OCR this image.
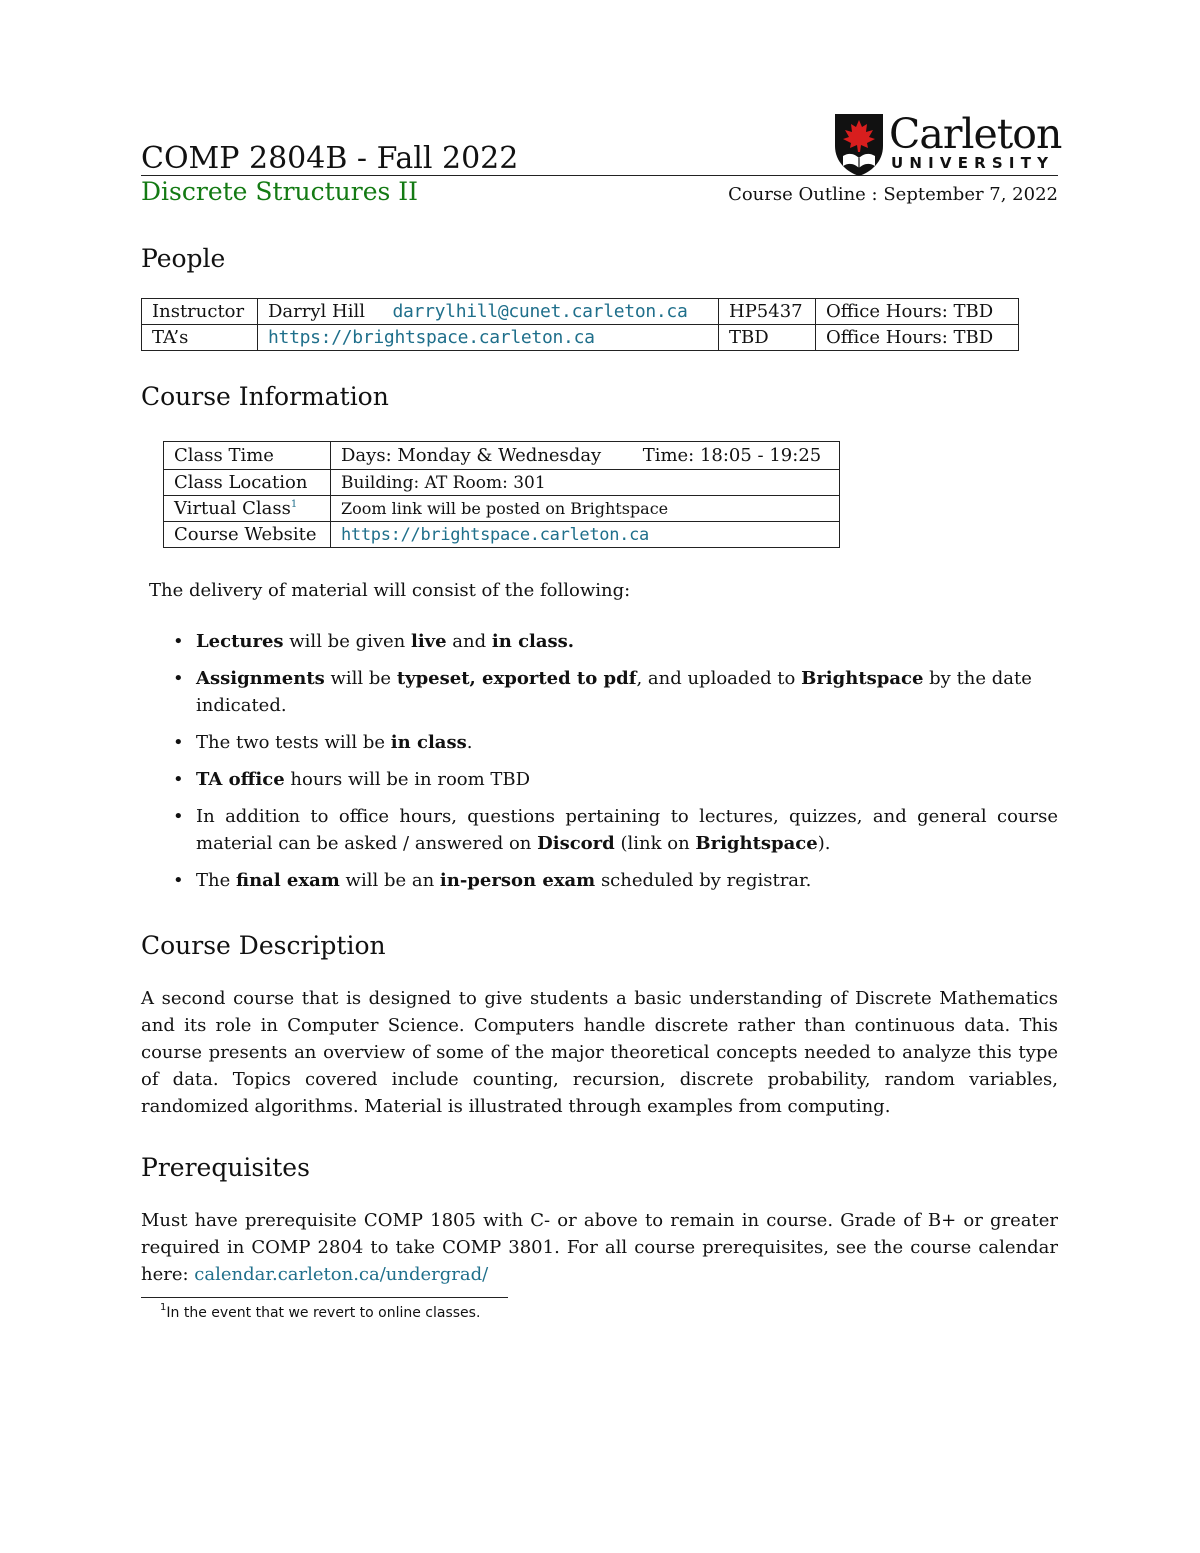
COMP 2804B - Fall 2022
Discrete Structures II	Course Outline : September 7, 2022
Carleton
UNIVERSITY
People
Instructor	Darryl Hill darrylhill@cunet.carleton.ca	HP5437	Office Hours: TBD
TA’s	https://brightspace.carleton.ca	TBD	Office Hours: TBD
Course Information
Class Time	Days: Monday & Wednesday Time: 18:05 - 19:25
Class Location	Building: AT Room: 301
Virtual Class$^1$	Zoom link will be posted on Brightspace
Course Website	https://brightspace.carleton.ca
The delivery of material will consist of the following:
• Lectures will be given live and in class.
• Assignments will be typeset, exported to pdf, and uploaded to Brightspace by the date indicated.
• The two tests will be in class.
• TA office hours will be in room TBD
• In addition to office hours, questions pertaining to lectures, quizzes, and general course material can be asked / answered on Discord (link on Brightspace).
• The final exam will be an in-person exam scheduled by registrar.
Course Description
A second course that is designed to give students a basic understanding of Discrete Mathematics and its role in Computer Science. Computers handle discrete rather than continuous data. This course presents an overview of some of the major theoretical concepts needed to analyze this type of data. Topics covered include counting, recursion, discrete probability, random variables, randomized algorithms. Material is illustrated through examples from computing.
Prerequisites
Must have prerequisite COMP 1805 with C- or above to remain in course. Grade of B+ or greater required in COMP 2804 to take COMP 3801. For all course prerequisites, see the course calendar here: calendar.carleton.ca/undergrad/
$^1$In the event that we revert to online classes.
